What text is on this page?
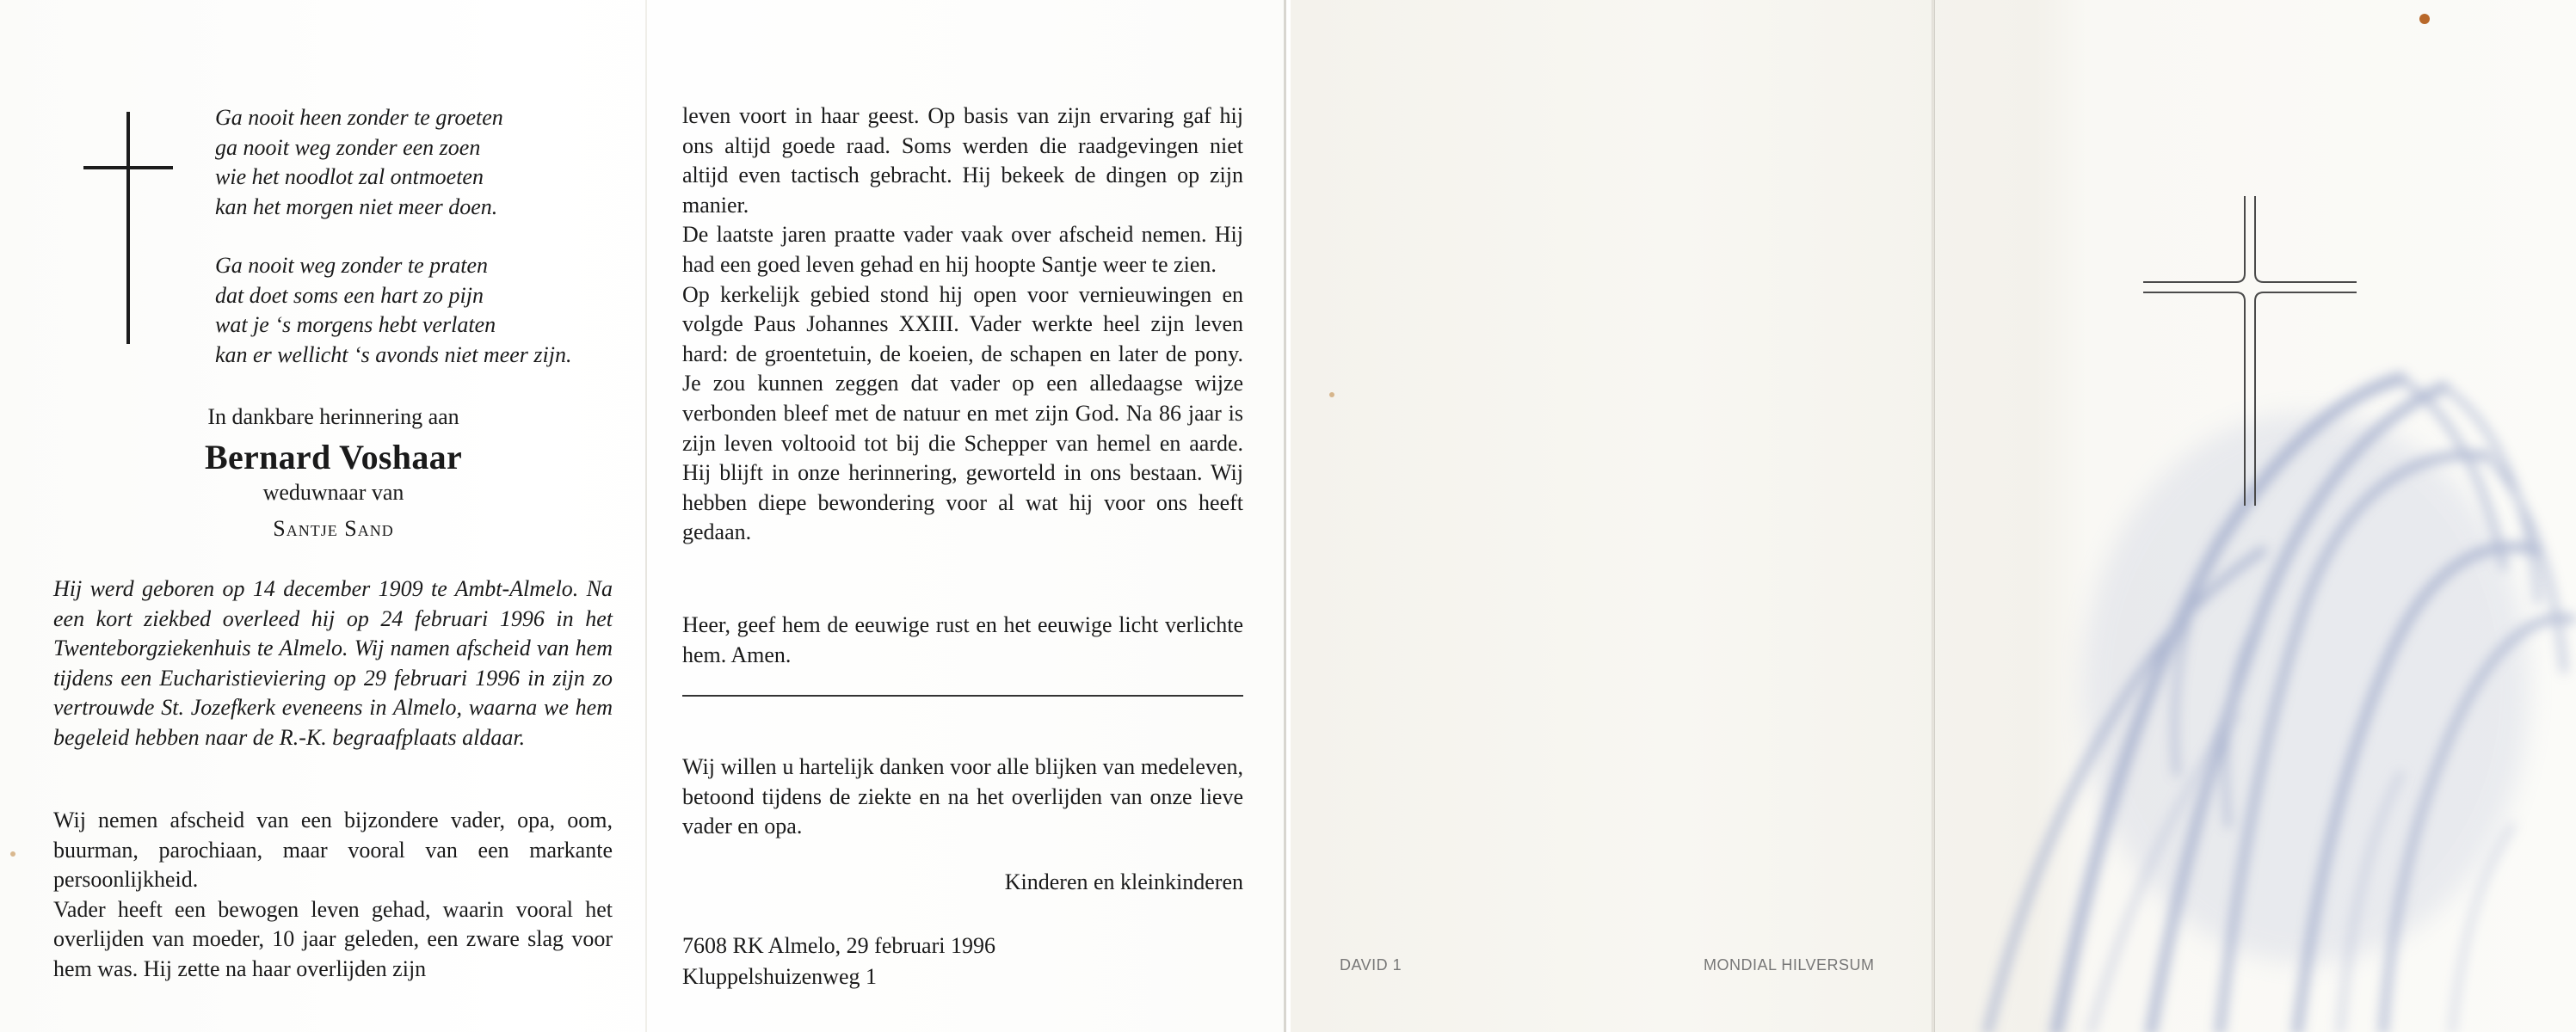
Ga nooit heen zonder te groeten

ga nooit weg zonder een zoen

wie het noodlot zal ontmoeten

kan het morgen niet meer doen.

Ga nooit weg zonder te praten

dat doet soms een hart zo pijn

wat je ‘s morgens hebt verlaten

kan er wellicht ‘s avonds niet meer zijn.

In dankbare herinnering aan
Bernard Voshaar
weduwnaar van
Santje Sand

Hij werd geboren op 14 december 1909 te Ambt-Almelo. Na een kort ziekbed overleed hij op 24 februari 1996 in het Twenteborgziekenhuis te Almelo. Wij namen afscheid van hem tijdens een Eucharistieviering op 29 februari 1996 in zijn zo vertrouwde St. Jozefkerk eveneens in Almelo, waarna we hem begeleid hebben naar de R.-K. begraafplaats aldaar.

Wij nemen afscheid van een bijzondere vader, opa, oom, buurman, parochiaan, maar vooral van een markante persoonlijkheid.

Vader heeft een bewogen leven gehad, waarin vooral het overlijden van moeder, 10 jaar geleden, een zware slag voor hem was. Hij zette na haar overlijden zijn

leven voort in haar geest. Op basis van zijn ervaring gaf hij ons altijd goede raad. Soms werden die raadgevingen niet altijd even tactisch gebracht. Hij bekeek de dingen op zijn manier.

De laatste jaren praatte vader vaak over afscheid nemen. Hij had een goed leven gehad en hij hoopte Santje weer te zien.

Op kerkelijk gebied stond hij open voor vernieuwingen en volgde Paus Johannes XXIII. Vader werkte heel zijn leven hard: de groentetuin, de koeien, de schapen en later de pony. Je zou kunnen zeggen dat vader op een alledaagse wijze verbonden bleef met de natuur en met zijn God. Na 86 jaar is zijn leven voltooid tot bij die Schepper van hemel en aarde. Hij blijft in onze herinnering, geworteld in ons bestaan. Wij hebben diepe bewondering voor al wat hij voor ons heeft gedaan.

Heer, geef hem de eeuwige rust en het eeuwige licht verlichte hem. Amen.

Wij willen u hartelijk danken voor alle blijken van medeleven, betoond tijdens de ziekte en na het overlijden van onze lieve vader en opa.

Kinderen en kleinkinderen

7608 RK Almelo, 29 februari 1996

Kluppelshuizenweg 1	DAVID 1	MONDIAL HILVERSUM
